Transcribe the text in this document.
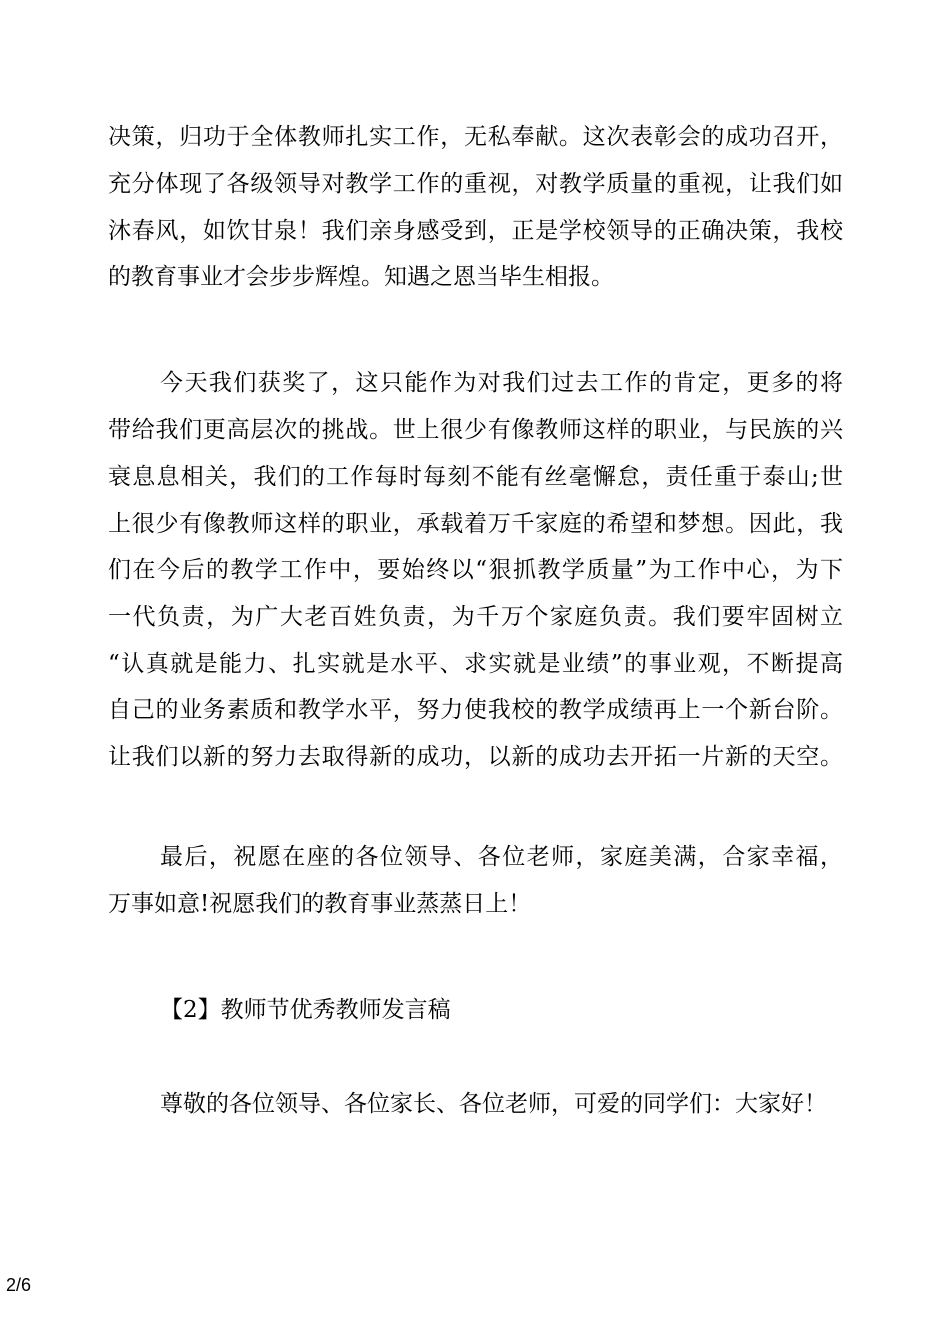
决策，归功于全体教师扎实工作，无私奉献。这次表彰会的成功召开，
充分体现了各级领导对教学工作的重视，对教学质量的重视，让我们如
沐春风，如饮甘泉！我们亲身感受到，正是学校领导的正确决策，我校
的教育事业才会步步辉煌。知遇之恩当毕生相报。
今天我们获奖了，这只能作为对我们过去工作的肯定，更多的将
带给我们更高层次的挑战。世上很少有像教师这样的职业，与民族的兴
衰息息相关，我们的工作每时每刻不能有丝毫懈怠，责任重于泰山;世
上很少有像教师这样的职业，承载着万千家庭的希望和梦想。因此，我
们在今后的教学工作中，要始终以“狠抓教学质量”为工作中心，为下
一代负责，为广大老百姓负责，为千万个家庭负责。我们要牢固树立
“认真就是能力、扎实就是水平、求实就是业绩”的事业观，不断提高
自己的业务素质和教学水平，努力使我校的教学成绩再上一个新台阶。
让我们以新的努力去取得新的成功，以新的成功去开拓一片新的天空。
最后，祝愿在座的各位领导、各位老师，家庭美满，合家幸福，
万事如意!祝愿我们的教育事业蒸蒸日上！
【2】教师节优秀教师发言稿
尊敬的各位领导、各位家长、各位老师，可爱的同学们：大家好！
2/6
